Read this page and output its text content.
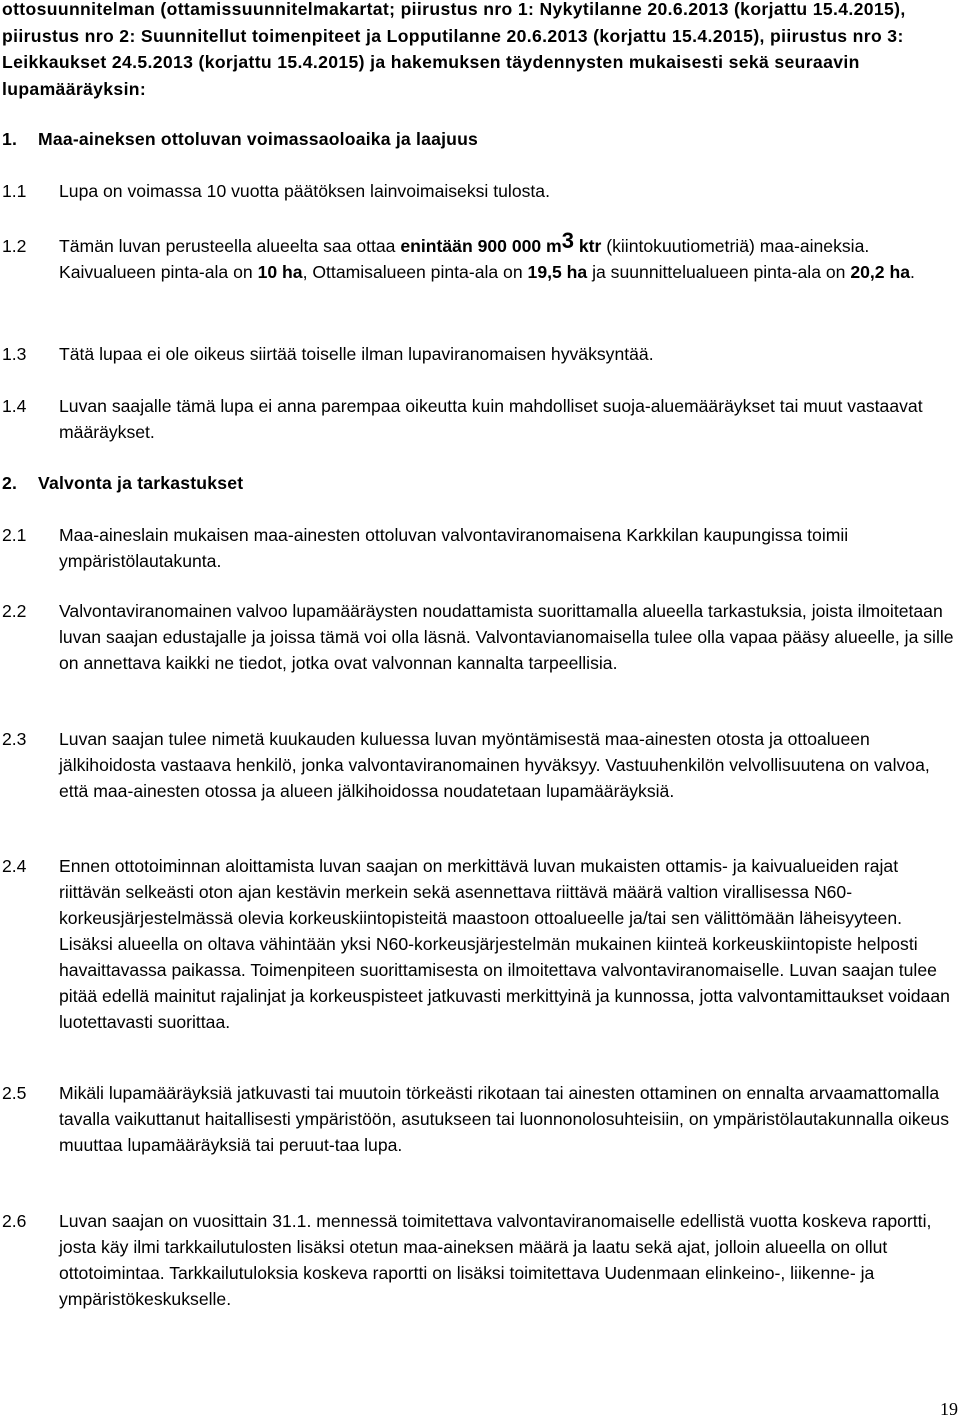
ottosuunnitelman (ottamissuunnitelmakartat; piirustus nro 1: Nykytilanne 20.6.2013 (korjattu 15.4.2015), piirustus nro 2: Suunnitellut toimenpiteet ja Lopputilanne 20.6.2013 (korjattu 15.4.2015), piirustus nro 3: Leikkaukset 24.5.2013 (korjattu 15.4.2015) ja hakemuksen täydennysten mukaisesti sekä seuraavin lupamääräyksin:
1. Maa-aineksen ottoluvan voimassaoloaika ja laajuus
1.1 Lupa on voimassa 10 vuotta päätöksen lainvoimaiseksi tulosta.
1.2 Tämän luvan perusteella alueelta saa ottaa enintään 900 000 m3 ktr (kiintokuutiometriä) maa-aineksia. Kaivualueen pinta-ala on 10 ha, Ottamisalueen pinta-ala on 19,5 ha ja suunnittelualueen pinta-ala on 20,2 ha.
1.3 Tätä lupaa ei ole oikeus siirtää toiselle ilman lupaviranomaisen hyväksyntää.
1.4 Luvan saajalle tämä lupa ei anna parempaa oikeutta kuin mahdolliset suoja-aluemääräykset tai muut vastaavat määräykset.
2. Valvonta ja tarkastukset
2.1 Maa-aineslain mukaisen maa-ainesten ottoluvan valvontaviranomaisena Karkkilan kaupungissa toimii ympäristölautakunta.
2.2 Valvontaviranomainen valvoo lupamääräysten noudattamista suorittamalla alueella tarkastuksia, joista ilmoitetaan luvan saajan edustajalle ja joissa tämä voi olla läsnä. Valvontavianomaisella tulee olla vapaa pääsy alueelle, ja sille on annettava kaikki ne tiedot, jotka ovat valvonnan kannalta tarpeellisia.
2.3 Luvan saajan tulee nimetä kuukauden kuluessa luvan myöntämisestä maa-ainesten otosta ja ottoalueen jälkihoidosta vastaava henkilö, jonka valvontaviranomainen hyväksyy. Vastuuhenkilön velvollisuutena on valvoa, että maa-ainesten otossa ja alueen jälkihoidossa noudatetaan lupamääräyksiä.
2.4 Ennen ottotoiminnan aloittamista luvan saajan on merkittävä luvan mukaisten ottamis- ja kaivualueiden rajat riittävän selkeästi oton ajan kestävin merkein sekä asennettava riittävä määrä valtion virallisessa N60-korkeusjärjestelmässä olevia korkeuskiintopisteitä maastoon ottoalueelle ja/tai sen välittömään läheisyyteen. Lisäksi alueella on oltava vähintään yksi N60-korkeusjärjestelmän mukainen kiinteä korkeuskiintopiste helposti havaittavassa paikassa. Toimenpiteen suorittamisesta on ilmoitettava valvontaviranomaiselle. Luvan saajan tulee pitää edellä mainitut rajalinjat ja korkeuspisteet jatkuvasti merkittyinä ja kunnossa, jotta valvontamittaukset voidaan luotettavasti suorittaa.
2.5 Mikäli lupamääräyksiä jatkuvasti tai muutoin törkeästi rikotaan tai ainesten ottaminen on ennalta arvaamattomalla tavalla vaikuttanut haitallisesti ympäristöön, asutukseen tai luonnonolosuhteisiin, on ympäristölautakunnalla oikeus muuttaa lupamääräyksiä tai peruut-taa lupa.
2.6 Luvan saajan on vuosittain 31.1. mennessä toimitettava valvontaviranomaiselle edellistä vuotta koskeva raportti, josta käy ilmi tarkkailutulosten lisäksi otetun maa-aineksen määrä ja laatu sekä ajat, jolloin alueella on ollut ottotoimintaa. Tarkkailutuloksia koskeva raportti on lisäksi toimitettava Uudenmaan elinkeino-, liikenne- ja ympäristökeskukselle.
19
